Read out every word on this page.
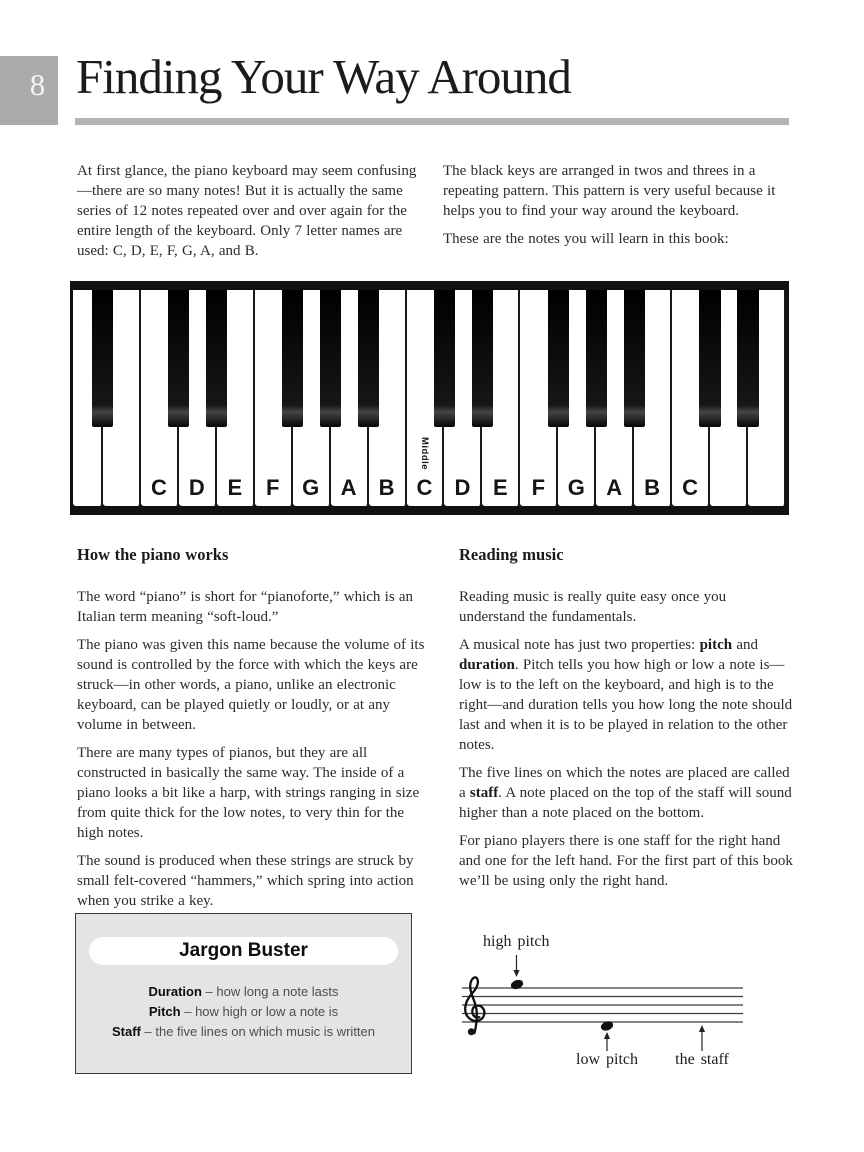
8 Finding Your Way Around

At first glance, the piano keyboard may seem confusing—there are so many notes! But it is actually the same series of 12 notes repeated over and over again for the entire length of the keyboard. Only 7 letter names are used: C, D, E, F, G, A, and B.

The black keys are arranged in twos and threes in a repeating pattern. This pattern is very useful because it helps you to find your way around the keyboard.

These are the notes you will learn in this book:

C D E F G A B
Middle
C D E F G A B C
How the piano works

The word “piano” is short for “pianoforte,” which is an Italian term meaning “soft-loud.”

The piano was given this name because the volume of its sound is controlled by the force with which the keys are struck—in other words, a piano, unlike an electronic keyboard, can be played quietly or loudly, or at any volume in between.

There are many types of pianos, but they are all constructed in basically the same way. The inside of a piano looks a bit like a harp, with strings ranging in size from quite thick for the low notes, to very thin for the high notes.

The sound is produced when these strings are struck by small felt-covered “hammers,” which spring into action when you strike a key.

Reading music

Reading music is really quite easy once you understand the fundamentals.

A musical note has just two properties: pitch and duration. Pitch tells you how high or low a note is—low is to the left on the keyboard, and high is to the right—and duration tells you how long the note should last and when it is to be played in relation to the other notes.

The five lines on which the notes are placed are called a staff. A note placed on the top of the staff will sound higher than a note placed on the bottom.

For piano players there is one staff for the right hand and one for the left hand. For the first part of this book we’ll be using only the right hand.

Jargon Buster
Duration – how long a note lasts
Pitch – how high or low a note is
Staff – the five lines on which music is written
high pitch
low pitch the staff
